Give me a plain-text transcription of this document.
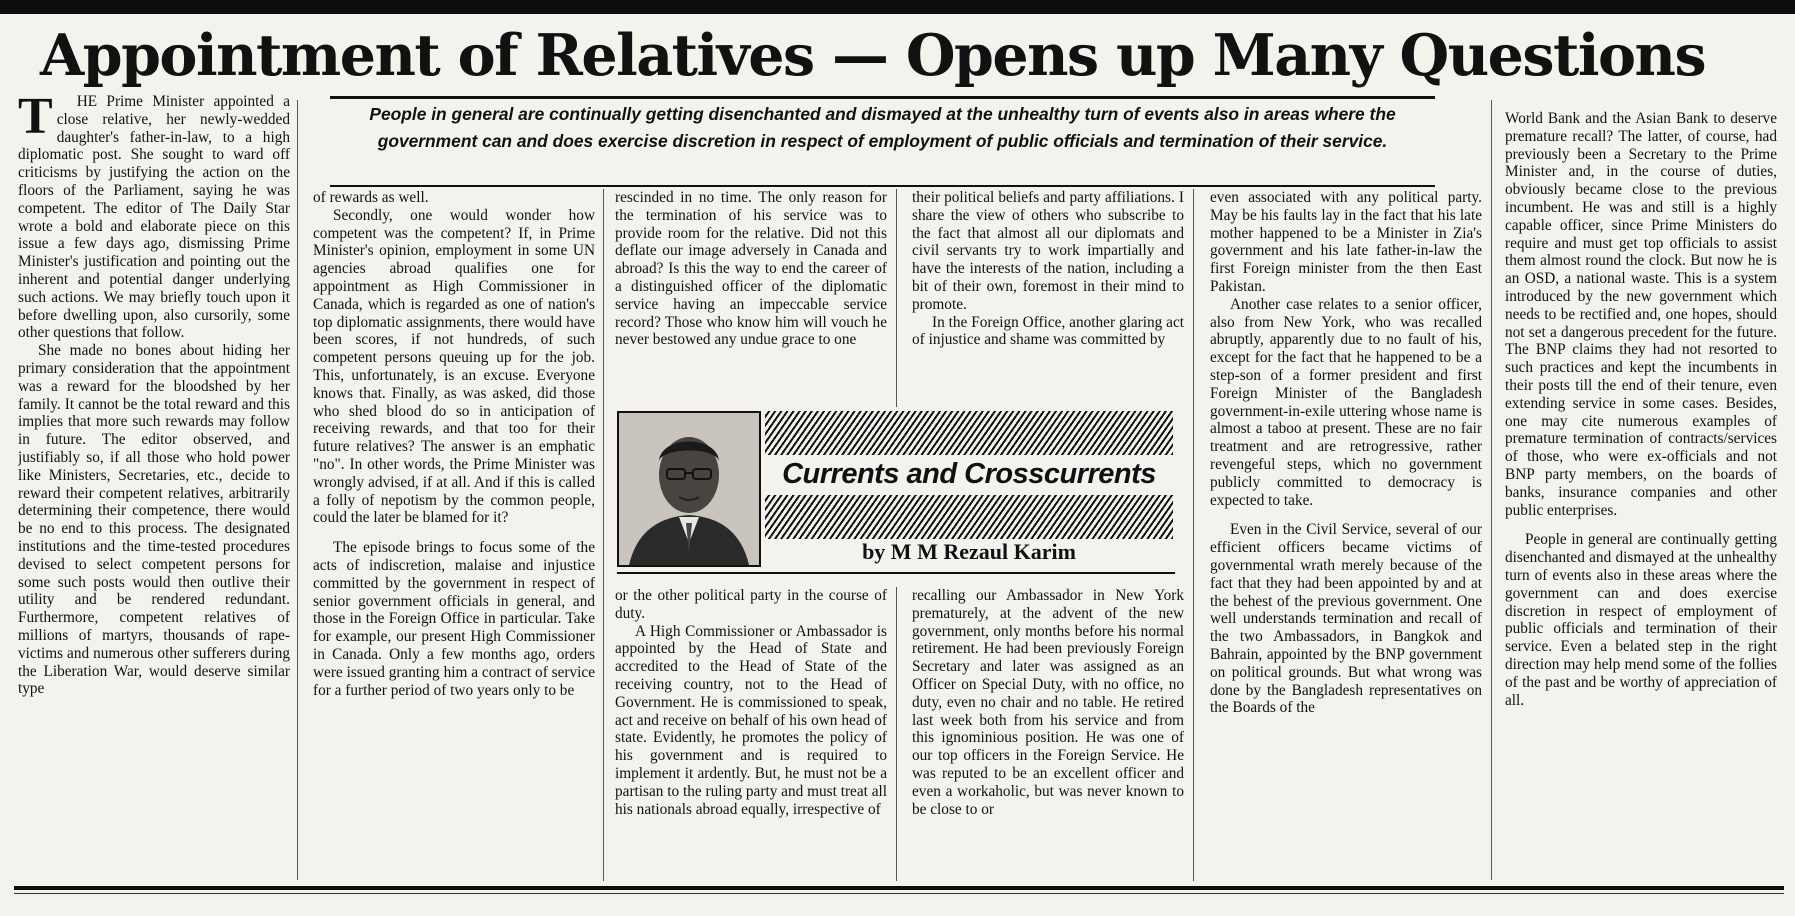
Appointment of Relatives — Opens up Many Questions

People in general are continually getting disenchanted and dismayed at the unhealthy turn of events also in areas where the government can and does exercise discretion in respect of employment of public officials and termination of their service.

T HE Prime Minister appointed a close relative, her newly-wedded daughter's father-in-law, to a high diplomatic post. She sought to ward off criticisms by justifying the action on the floors of the Parliament, saying he was competent. The editor of The Daily Star wrote a bold and elaborate piece on this issue a few days ago, dismissing Prime Minister's justification and pointing out the inherent and potential danger underlying such actions. We may briefly touch upon it before dwelling upon, also cursorily, some other questions that follow.

She made no bones about hiding her primary consideration that the appointment was a reward for the bloodshed by her family. It cannot be the total reward and this implies that more such rewards may follow in future. The editor observed, and justifiably so, if all those who hold power like Ministers, Secretaries, etc., decide to reward their competent relatives, arbitrarily determining their competence, there would be no end to this process. The designated institutions and the time-tested procedures devised to select competent persons for some such posts would then outlive their utility and be rendered redundant. Furthermore, competent relatives of millions of martyrs, thousands of rape-victims and numerous other sufferers during the Liberation War, would deserve similar type

of rewards as well.

Secondly, one would wonder how competent was the competent? If, in Prime Minister's opinion, employment in some UN agencies abroad qualifies one for appointment as High Commissioner in Canada, which is regarded as one of nation's top diplomatic assignments, there would have been scores, if not hundreds, of such competent persons queuing up for the job. This, unfortunately, is an excuse. Everyone knows that. Finally, as was asked, did those who shed blood do so in anticipation of receiving rewards, and that too for their future relatives? The answer is an emphatic "no". In other words, the Prime Minister was wrongly advised, if at all. And if this is called a folly of nepotism by the common people, could the later be blamed for it?

The episode brings to focus some of the acts of indiscretion, malaise and injustice committed by the government in respect of senior government officials in general, and those in the Foreign Office in particular. Take for example, our present High Commissioner in Canada. Only a few months ago, orders were issued granting him a contract of service for a further period of two years only to be

rescinded in no time. The only reason for the termination of his service was to provide room for the relative. Did not this deflate our image adversely in Canada and abroad? Is this the way to end the career of a distinguished officer of the diplomatic service having an impeccable service record? Those who know him will vouch he never bestowed any undue grace to one

their political beliefs and party affiliations. I share the view of others who subscribe to the fact that almost all our diplomats and civil servants try to work impartially and have the interests of the nation, including a bit of their own, foremost in their mind to promote.

In the Foreign Office, another glaring act of injustice and shame was committed by

Currents and Crosscurrents

by M M Rezaul Karim

or the other political party in the course of duty.

A High Commissioner or Ambassador is appointed by the Head of State and accredited to the Head of State of the receiving country, not to the Head of Government. He is commissioned to speak, act and receive on behalf of his own head of state. Evidently, he promotes the policy of his government and is required to implement it ardently. But, he must not be a partisan to the ruling party and must treat all his nationals abroad equally, irrespective of

recalling our Ambassador in New York prematurely, at the advent of the new government, only months before his normal retirement. He had been previously Foreign Secretary and later was assigned as an Officer on Special Duty, with no office, no duty, even no chair and no table. He retired last week both from his service and from this ignominious position. He was one of our top officers in the Foreign Service. He was reputed to be an excellent officer and even a workaholic, but was never known to be close to or

even associated with any political party. May be his faults lay in the fact that his late mother happened to be a Minister in Zia's government and his late father-in-law the first Foreign minister from the then East Pakistan.

Another case relates to a senior officer, also from New York, who was recalled abruptly, apparently due to no fault of his, except for the fact that he happened to be a step-son of a former president and first Foreign Minister of the Bangladesh government-in-exile uttering whose name is almost a taboo at present. These are no fair treatment and are retrogressive, rather revengeful steps, which no government publicly committed to democracy is expected to take.

Even in the Civil Service, several of our efficient officers became victims of governmental wrath merely because of the fact that they had been appointed by and at the behest of the previous government. One well understands termination and recall of the two Ambassadors, in Bangkok and Bahrain, appointed by the BNP government on political grounds. But what wrong was done by the Bangladesh representatives on the Boards of the

World Bank and the Asian Bank to deserve premature recall? The latter, of course, had previously been a Secretary to the Prime Minister and, in the course of duties, obviously became close to the previous incumbent. He was and still is a highly capable officer, since Prime Ministers do require and must get top officials to assist them almost round the clock. But now he is an OSD, a national waste. This is a system introduced by the new government which needs to be rectified and, one hopes, should not set a dangerous precedent for the future. The BNP claims they had not resorted to such practices and kept the incumbents in their posts till the end of their tenure, even extending service in some cases. Besides, one may cite numerous examples of premature termination of contracts/services of those, who were ex-officials and not BNP party members, on the boards of banks, insurance companies and other public enterprises.

People in general are continually getting disenchanted and dismayed at the unhealthy turn of events also in these areas where the government can and does exercise discretion in respect of employment of public officials and termination of their service. Even a belated step in the right direction may help mend some of the follies of the past and be worthy of appreciation of all.
